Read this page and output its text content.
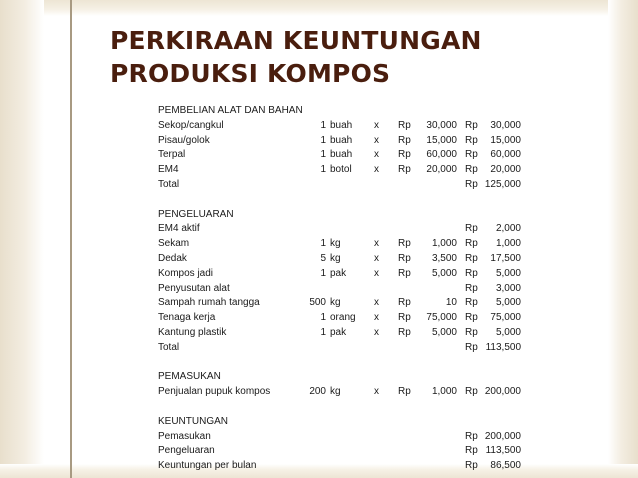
PERKIRAAN KEUNTUNGAN
PRODUKSI KOMPOS
PEMBELIAN ALAT DAN BAHAN
Sekop/cangkul	1 buah x Rp	30,000 Rp	30,000
Pisau/golok	1 buah x Rp	15,000 Rp	15,000
Terpal	1 buah x Rp	60,000 Rp	60,000
EM4	1 botol x Rp	20,000 Rp	20,000
Total	Rp 125,000
PENGELUARAN
EM4 aktif	Rp	2,000
Sekam	1 kg	x Rp	1,000 Rp	1,000
Dedak	5 kg	x Rp	3,500 Rp	17,500
Kompos jadi	1 pak	x Rp	5,000 Rp	5,000
Penyusutan alat	Rp	3,000
Sampah rumah tangga	500 kg	x Rp	10 Rp	5,000
Tenaga kerja	1 orang x Rp	75,000 Rp	75,000
Kantung plastik	1 pak	x Rp	5,000 Rp	5,000
Total	Rp 113,500
PEMASUKAN
Penjualan pupuk kompos	200 kg	x Rp	1,000 Rp 200,000
KEUNTUNGAN
Pemasukan	Rp 200,000
Pengeluaran	Rp 113,500
Keuntungan per bulan	Rp	86,500
